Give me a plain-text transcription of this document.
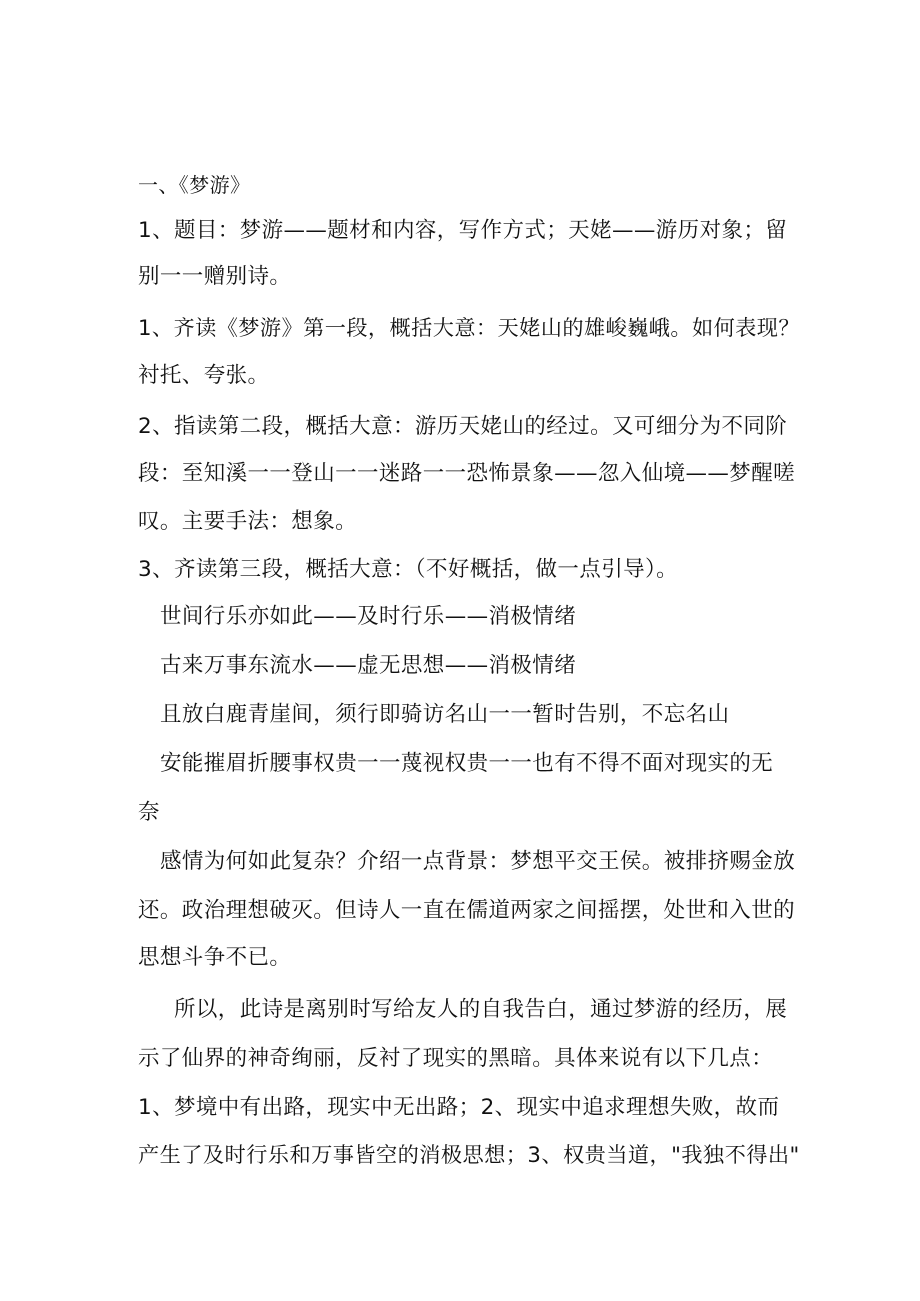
一、《梦游》
1、题目：梦游——题材和内容，写作方式；天姥——游历对象；留
别一一赠别诗。
1、齐读《梦游》第一段，概括大意：天姥山的雄峻巍峨。如何表现？
衬托、夸张。
2、指读第二段，概括大意：游历天姥山的经过。又可细分为不同阶
段：至知溪一一登山一一迷路一一恐怖景象——忽入仙境——梦醒嗟
叹。主要手法：想象。
3、齐读第三段，概括大意：（不好概括，做一点引导）。
世间行乐亦如此——及时行乐——消极情绪
古来万事东流水——虚无思想——消极情绪
且放白鹿青崖间，须行即骑访名山一一暂时告别，不忘名山
安能摧眉折腰事权贵一一蔑视权贵一一也有不得不面对现实的无
奈
感情为何如此复杂？介绍一点背景：梦想平交王侯。被排挤赐金放
还。政治理想破灭。但诗人一直在儒道两家之间摇摆，处世和入世的
思想斗争不已。
所以，此诗是离别时写给友人的自我告白，通过梦游的经历，展
示了仙界的神奇绚丽，反衬了现实的黑暗。具体来说有以下几点：
1、梦境中有出路，现实中无出路；2、现实中追求理想失败，故而
产生了及时行乐和万事皆空的消极思想；3、权贵当道，"我独不得出"
